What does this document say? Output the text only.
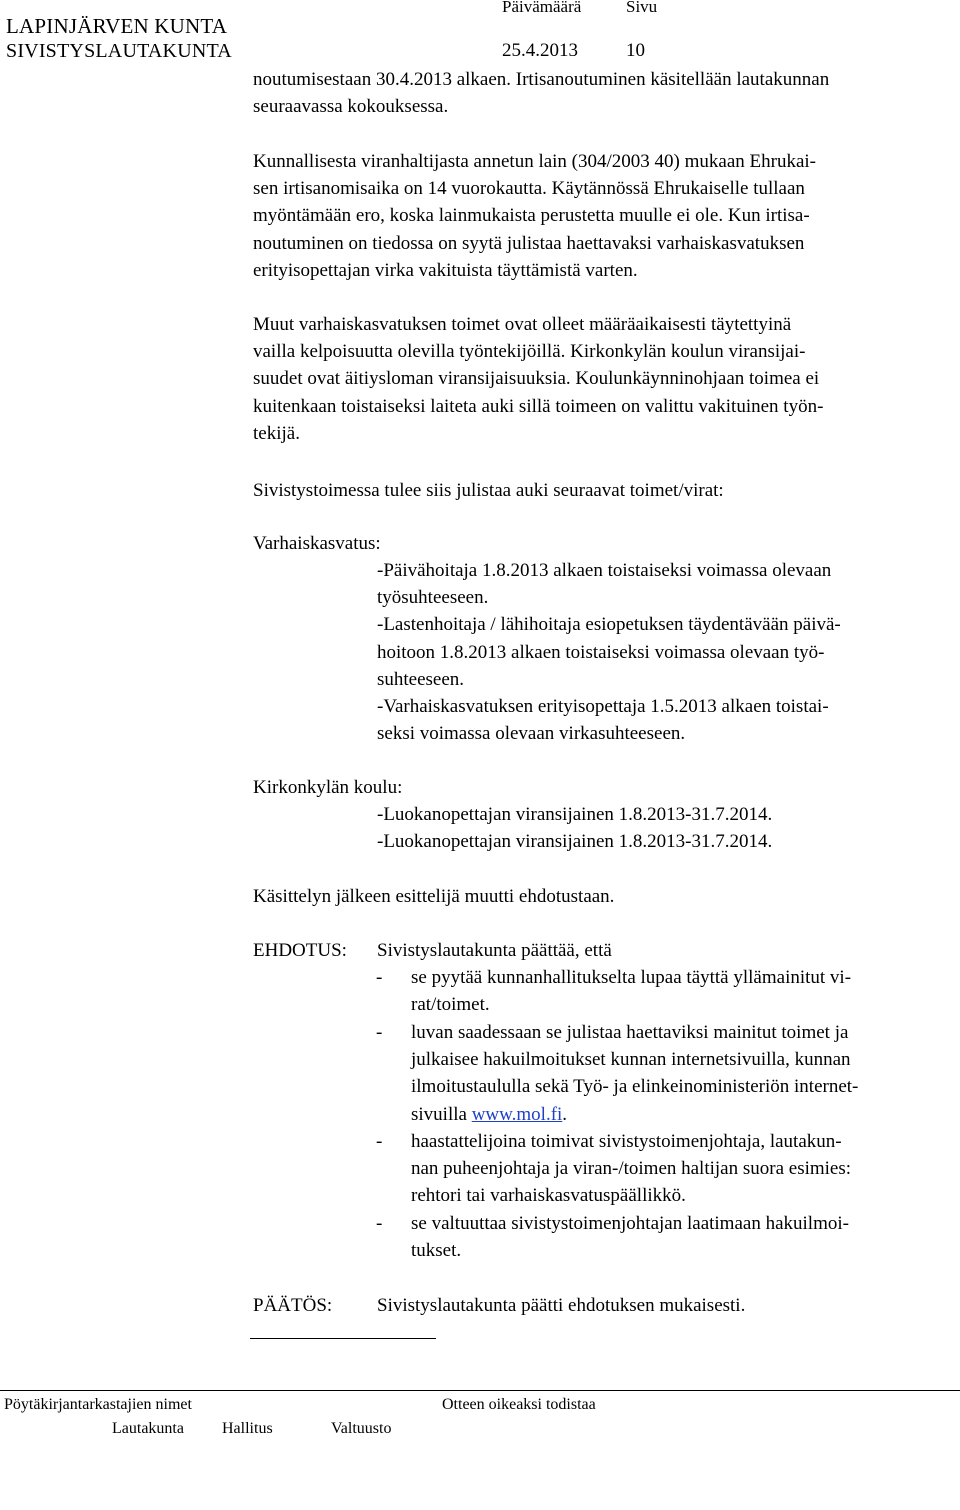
LAPINJÄRVEN KUNTA
SIVISTYSLAUTAKUNTA
Päivämäärä	Sivu
25.4.2013	10
noutumisestaan 30.4.2013 alkaen. Irtisanoutuminen käsitellään lautakunnan
seuraavassa kokouksessa.
Kunnallisesta viranhaltijasta annetun lain (304/2003 40) mukaan Ehrukai-
sen irtisanomisaika on 14 vuorokautta. Käytännössä Ehrukaiselle tullaan
myöntämään ero, koska lainmukaista perustetta muulle ei ole. Kun irtisa-
noutuminen on tiedossa on syytä julistaa haettavaksi varhaiskasvatuksen
erityisopettajan virka vakituista täyttämistä varten.
Muut varhaiskasvatuksen toimet ovat olleet määräaikaisesti täytettyinä
vailla kelpoisuutta olevilla työntekijöillä. Kirkonkylän koulun viransijai-
suudet ovat äitiysloman viransijaisuuksia. Koulunkäynninohjaan toimea ei
kuitenkaan toistaiseksi laiteta auki sillä toimeen on valittu vakituinen työn-
tekijä.
Sivistystoimessa tulee siis julistaa auki seuraavat toimet/virat:
Varhaiskasvatus:
-Päivähoitaja 1.8.2013 alkaen toistaiseksi voimassa olevaan
työsuhteeseen.
-Lastenhoitaja / lähihoitaja esiopetuksen täydentävään päivä-
hoitoon 1.8.2013 alkaen toistaiseksi voimassa olevaan työ-
suhteeseen.
-Varhaiskasvatuksen erityisopettaja 1.5.2013 alkaen toistai-
seksi voimassa olevaan virkasuhteeseen.
Kirkonkylän koulu:
-Luokanopettajan viransijainen 1.8.2013-31.7.2014.
-Luokanopettajan viransijainen 1.8.2013-31.7.2014.
Käsittelyn jälkeen esittelijä muutti ehdotustaan.
EHDOTUS: Sivistyslautakunta päättää, että
- se pyytää kunnanhallitukselta lupaa täyttä yllämainitut vi-
rat/toimet.
- luvan saadessaan se julistaa haettaviksi mainitut toimet ja
julkaisee hakuilmoitukset kunnan internetsivuilla, kunnan
ilmoitustaululla sekä Työ- ja elinkeinoministeriön internet-
sivuilla www.mol.fi.
- haastattelijoina toimivat sivistystoimenjohtaja, lautakun-
nan puheenjohtaja ja viran-/toimen haltijan suora esimies:
rehtori tai varhaiskasvatuspäällikkö.
- se valtuuttaa sivistystoimenjohtajan laatimaan hakuilmoi-
tukset.
PÄÄTÖS: Sivistyslautakunta päätti ehdotuksen mukaisesti.
Pöytäkirjantarkastajien nimet	Otteen oikeaksi todistaa
Lautakunta Hallitus	Valtuusto
